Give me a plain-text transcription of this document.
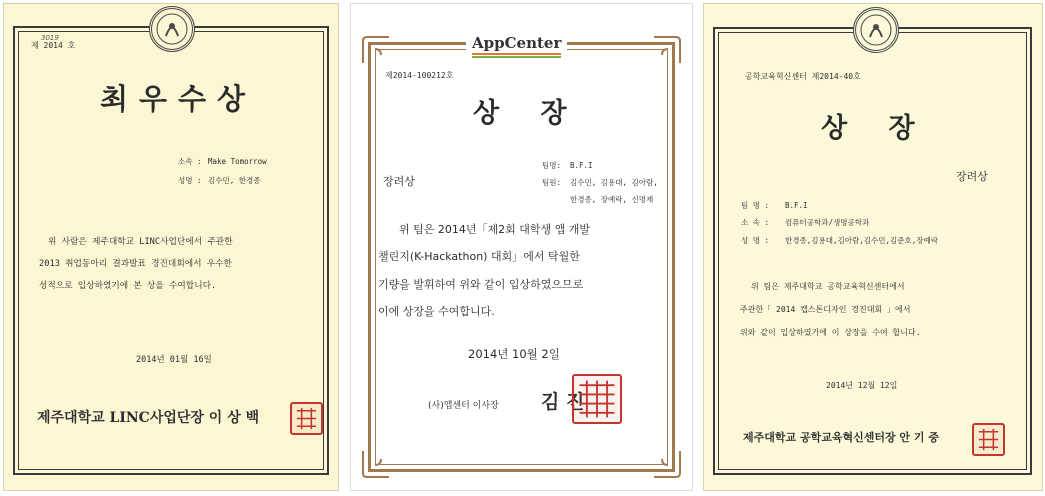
제 2014 호
3019
최우수상
소속 : Make Tomorrow
성명 : 김수민, 한경종
위 사람은 제주대학교 LINC사업단에서 주관한
2013 취업동아리 결과발표 경진대회에서 우수한
성적으로 입상하였기에 본 상을 수여합니다.
2014년 01월 16일
제주대학교 LINC사업단장 이 상 백
AppCenter
제2014-100212호
상 장
장려상
팀명: B.F.I
팀원: 김수민, 김용대, 김아람,
한경종, 장예락, 신명재
위 팀은 2014년「제2회 대학생 앱 개발
챌린지(K-Hackathon) 대회」에서 탁월한
기량을 발휘하여 위와 같이 입상하였으므로
이에 상장을 수여합니다.
2014년 10월 2일
(사)앱센터 이사장 김 진
공학교육혁신센터 제2014-40호
상 장
장려상
팀 명 : B.F.I
소 속 : 컴퓨터공학과/생명공학과
성 명 : 한경종,김용대,김아람,김수민,김준호,장예락
위 팀은 제주대학교 공학교육혁신센터에서
주관한「 2014 캡스톤디자인 경진대회 」에서
위와 같이 입상하였기에 이 상장을 수여 합니다.
2014년 12월 12일
제주대학교 공학교육혁신센터장 안 기 중
